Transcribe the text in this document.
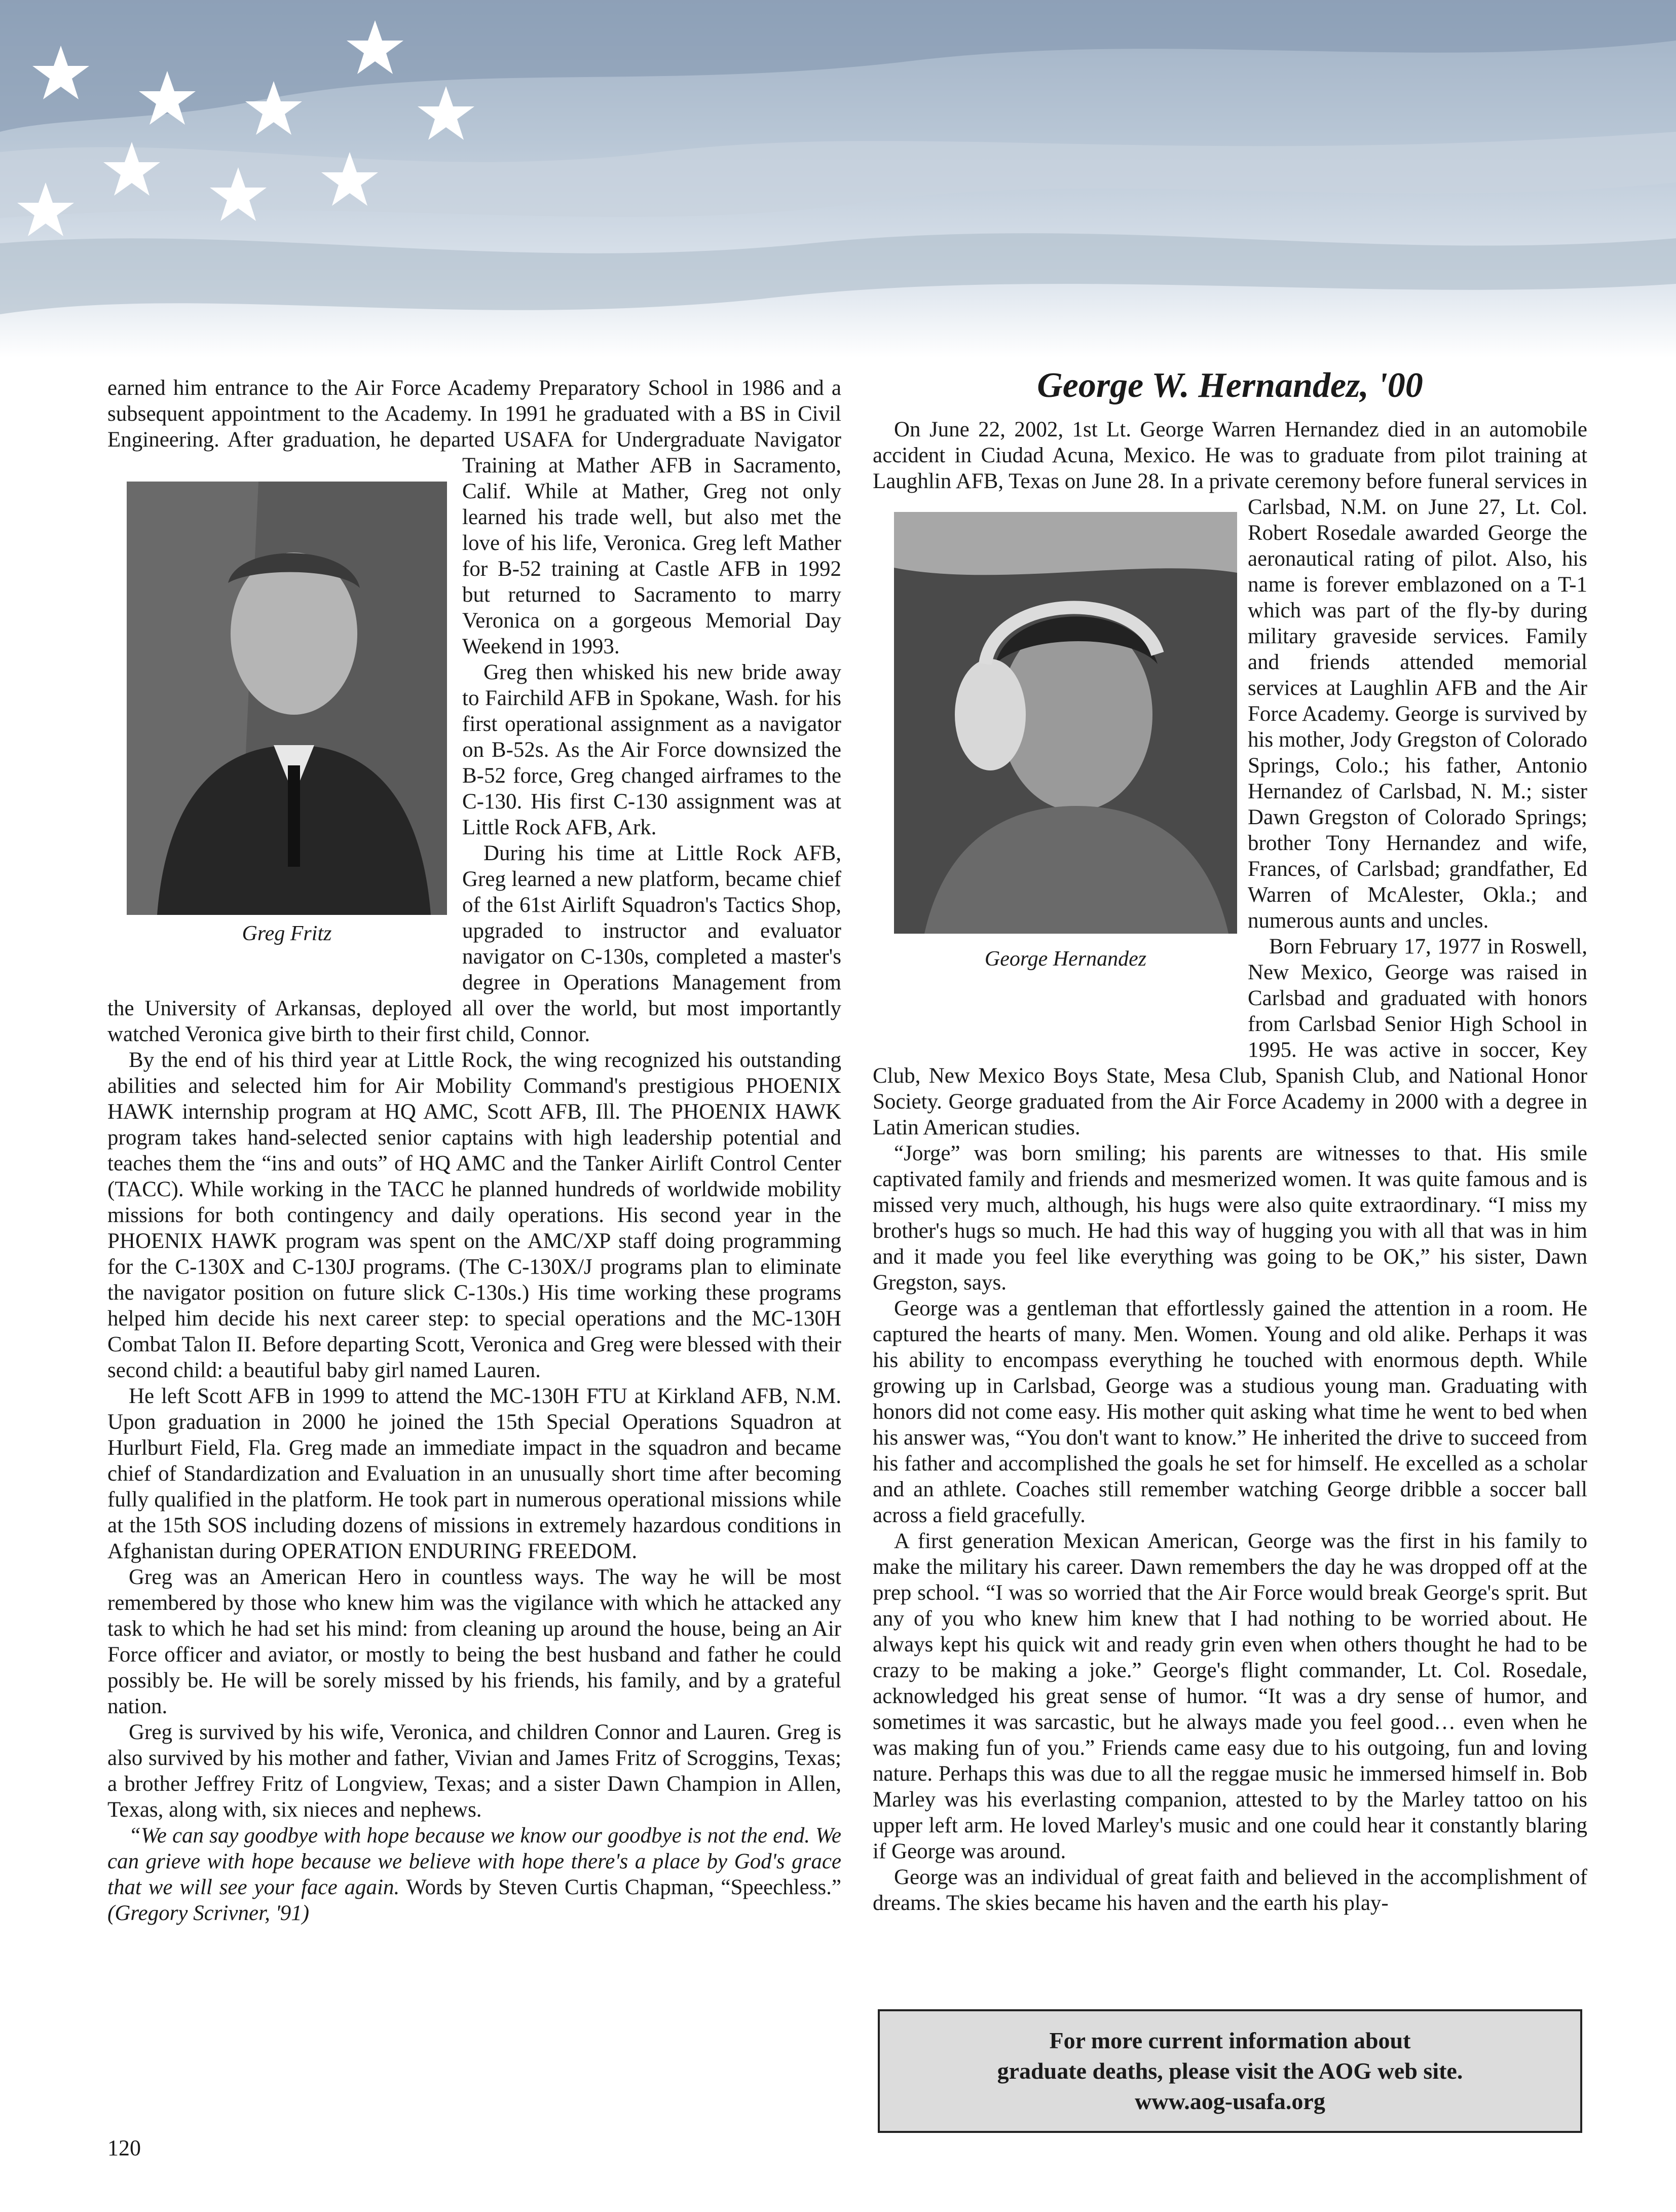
Greg Fritz

earned him entrance to the Air Force Academy Preparatory School in 1986 and a subsequent appointment to the Academy. In 1991 he graduated with a BS in Civil Engineering. After graduation, he departed USAFA for Undergraduate Navigator Training at Mather AFB in Sacramento, Calif. While at Mather, Greg not only learned his trade well, but also met the love of his life, Veronica. Greg left Mather for B-52 training at Castle AFB in 1992 but returned to Sacramento to marry Veronica on a gorgeous Memorial Day Weekend in 1993.

Greg then whisked his new bride away to Fairchild AFB in Spokane, Wash. for his first operational assignment as a navigator on B-52s. As the Air Force downsized the B-52 force, Greg changed airframes to the C-130. His first C-130 assignment was at Little Rock AFB, Ark.

During his time at Little Rock AFB, Greg learned a new platform, became chief of the 61st Airlift Squadron's Tactics Shop, upgraded to instructor and evaluator navigator on C-130s, completed a master's degree in Operations Management from the University of Arkansas, deployed all over the world, but most importantly watched Veronica give birth to their first child, Connor.

By the end of his third year at Little Rock, the wing recognized his outstanding abilities and selected him for Air Mobility Command's prestigious PHOENIX HAWK internship program at HQ AMC, Scott AFB, Ill. The PHOENIX HAWK program takes hand-selected senior captains with high leadership potential and teaches them the “ins and outs” of HQ AMC and the Tanker Airlift Control Center (TACC). While working in the TACC he planned hundreds of worldwide mobility missions for both contingency and daily operations. His second year in the PHOENIX HAWK program was spent on the AMC/XP staff doing programming for the C-130X and C-130J programs. (The C-130X/J programs plan to eliminate the navigator position on future slick C-130s.) His time working these programs helped him decide his next career step: to special operations and the MC-130H Combat Talon II. Before departing Scott, Veronica and Greg were blessed with their second child: a beautiful baby girl named Lauren.

He left Scott AFB in 1999 to attend the MC-130H FTU at Kirkland AFB, N.M. Upon graduation in 2000 he joined the 15th Special Operations Squadron at Hurlburt Field, Fla. Greg made an immediate impact in the squadron and became chief of Standardization and Evaluation in an unusually short time after becoming fully qualified in the platform. He took part in numerous operational missions while at the 15th SOS including dozens of missions in extremely hazardous conditions in Afghanistan during OPERATION ENDURING FREEDOM.

Greg was an American Hero in countless ways. The way he will be most remembered by those who knew him was the vigilance with which he attacked any task to which he had set his mind: from cleaning up around the house, being an Air Force officer and aviator, or mostly to being the best husband and father he could possibly be. He will be sorely missed by his friends, his family, and by a grateful nation.

Greg is survived by his wife, Veronica, and children Connor and Lauren. Greg is also survived by his mother and father, Vivian and James Fritz of Scroggins, Texas; a brother Jeffrey Fritz of Longview, Texas; and a sister Dawn Champion in Allen, Texas, along with, six nieces and nephews.

“We can say goodbye with hope because we know our goodbye is not the end. We can grieve with hope because we believe with hope there's a place by God's grace that we will see your face again. Words by Steven Curtis Chapman, “Speechless.” (Gregory Scrivner, '91)

George W. Hernandez, '00
George Hernandez

On June 22, 2002, 1st Lt. George Warren Hernandez died in an automobile accident in Ciudad Acuna, Mexico. He was to graduate from pilot training at Laughlin AFB, Texas on June 28. In a private ceremony before funeral services in Carlsbad, N.M. on June 27, Lt. Col. Robert Rosedale awarded George the aeronautical rating of pilot. Also, his name is forever emblazoned on a T-1 which was part of the fly-by during military graveside services. Family and friends attended memorial services at Laughlin AFB and the Air Force Academy. George is survived by his mother, Jody Gregston of Colorado Springs, Colo.; his father, Antonio Hernandez of Carlsbad, N. M.; sister Dawn Gregston of Colorado Springs; brother Tony Hernandez and wife, Frances, of Carlsbad; grandfather, Ed Warren of McAlester, Okla.; and numerous aunts and uncles.

Born February 17, 1977 in Roswell, New Mexico, George was raised in Carlsbad and graduated with honors from Carlsbad Senior High School in 1995. He was active in soccer, Key Club, New Mexico Boys State, Mesa Club, Spanish Club, and National Honor Society. George graduated from the Air Force Academy in 2000 with a degree in Latin American studies.

“Jorge” was born smiling; his parents are witnesses to that. His smile captivated family and friends and mesmerized women. It was quite famous and is missed very much, although, his hugs were also quite extraordinary. “I miss my brother's hugs so much. He had this way of hugging you with all that was in him and it made you feel like everything was going to be OK,” his sister, Dawn Gregston, says.

George was a gentleman that effortlessly gained the attention in a room. He captured the hearts of many. Men. Women. Young and old alike. Perhaps it was his ability to encompass everything he touched with enormous depth. While growing up in Carlsbad, George was a studious young man. Graduating with honors did not come easy. His mother quit asking what time he went to bed when his answer was, “You don't want to know.” He inherited the drive to succeed from his father and accomplished the goals he set for himself. He excelled as a scholar and an athlete. Coaches still remember watching George dribble a soccer ball across a field gracefully.

A first generation Mexican American, George was the first in his family to make the military his career. Dawn remembers the day he was dropped off at the prep school. “I was so worried that the Air Force would break George's sprit. But any of you who knew him knew that I had nothing to be worried about. He always kept his quick wit and ready grin even when others thought he had to be crazy to be making a joke.” George's flight commander, Lt. Col. Rosedale, acknowledged his great sense of humor. “It was a dry sense of humor, and sometimes it was sarcastic, but he always made you feel good… even when he was making fun of you.” Friends came easy due to his outgoing, fun and loving nature. Perhaps this was due to all the reggae music he immersed himself in. Bob Marley was his everlasting companion, attested to by the Marley tattoo on his upper left arm. He loved Marley's music and one could hear it constantly blaring if George was around.

George was an individual of great faith and believed in the accomplishment of dreams. The skies became his haven and the earth his play-

For more current information about
graduate deaths, please visit the AOG web site.
www.aog-usafa.org
120
